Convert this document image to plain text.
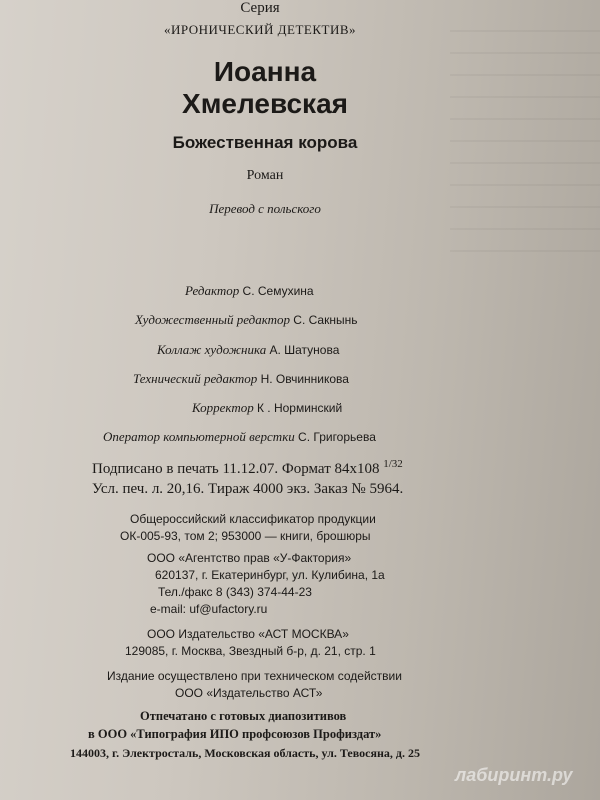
Серия
«ИРОНИЧЕСКИЙ ДЕТЕКТИВ»
Иоанна
Хмелевская
Божественная корова
Роман
Перевод с польского
Редактор С. Семухина
Художественный редактор С. Сакнынь
Коллаж художника А. Шатунова
Технический редактор Н. Овчинникова
Корректор К . Норминский
Оператор компьютерной верстки С. Григорьева
Подписано в печать 11.12.07. Формат 84x108 $^{1/32}$
Усл. печ. л. 20,16. Тираж 4000 экз. Заказ № 5964.
Общероссийский классификатор продукции
ОК-005-93, том 2; 953000 — книги, брошюры
ООО «Агентство прав «У-Фактория»
620137, г. Екатеринбург, ул. Кулибина, 1а
Тел./факс 8 (343) 374-44-23
e-mail: uf@ufactory.ru
ООО Издательство «АСТ МОСКВА»
129085, г. Москва, Звездный б-р, д. 21, стр. 1
Издание осуществлено при техническом содействии
ООО «Издательство АСТ»
Отпечатано с готовых диапозитивов
в ООО «Типография ИПО профсоюзов Профиздат»
144003, г. Электросталь, Московская область, ул. Тевосяна, д. 25
лабиринт.ру
